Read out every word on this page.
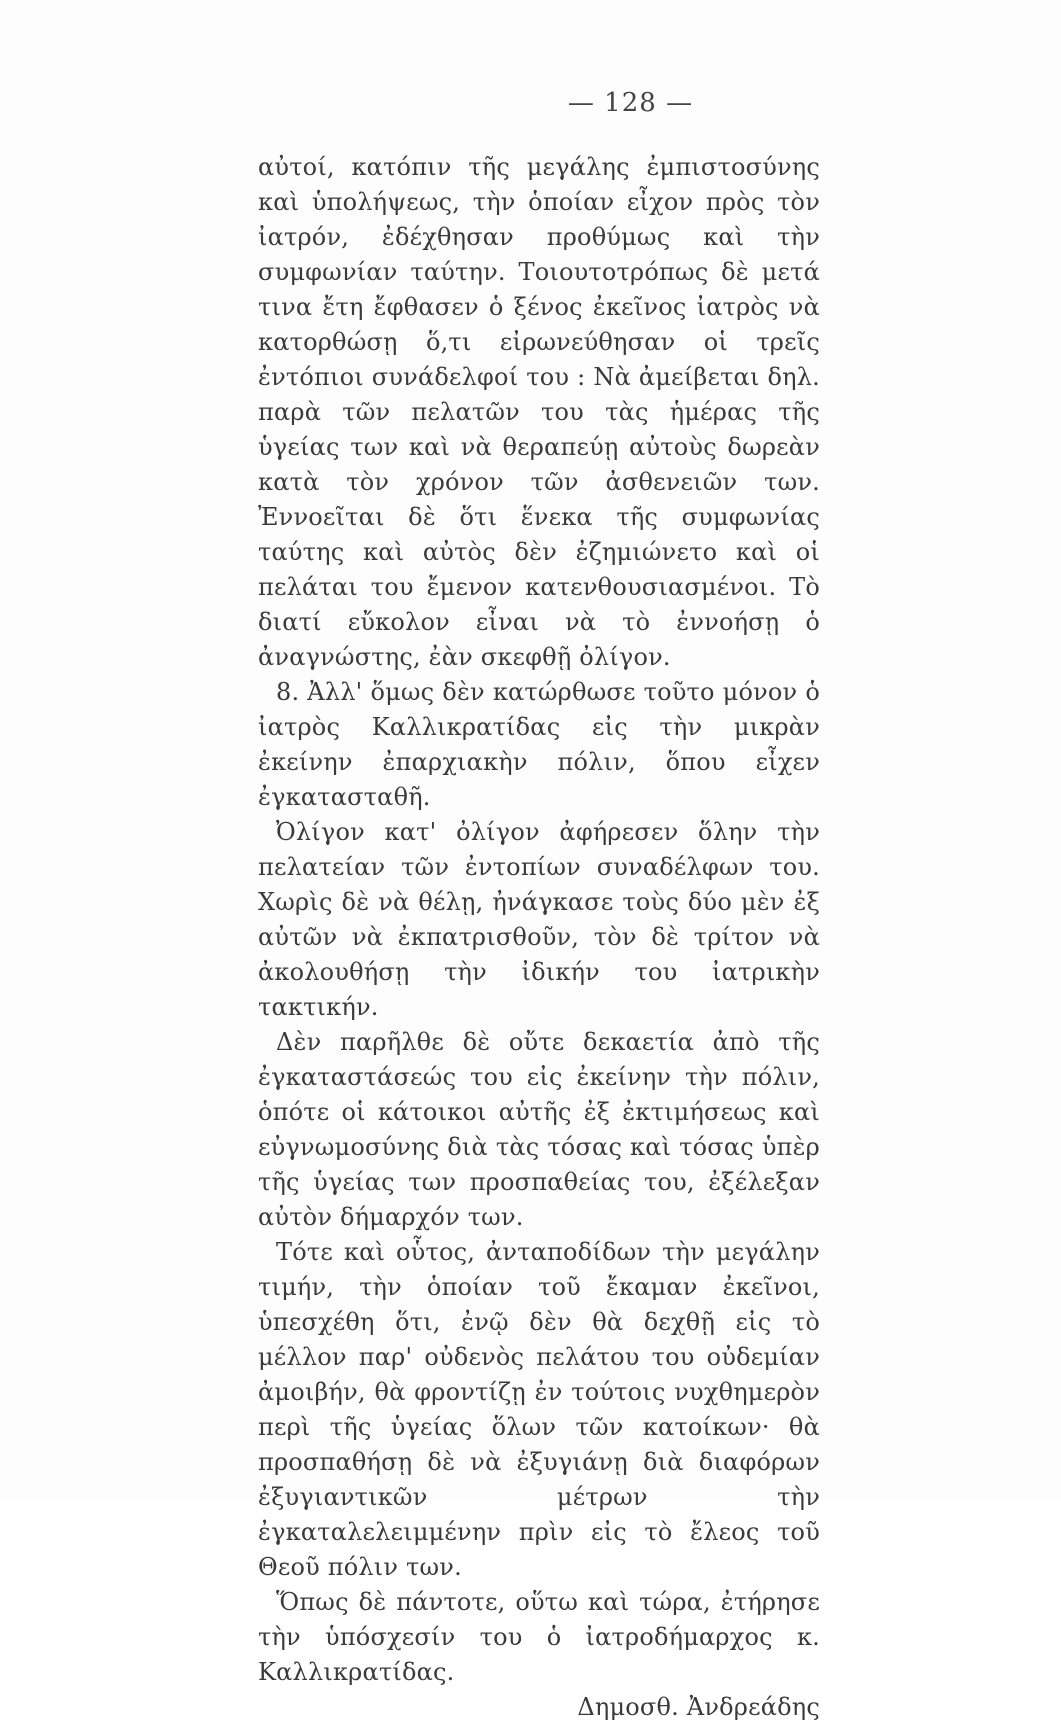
— 128 —

αὐτοί, κατόπιν τῆς μεγάλης ἐμπιστοσύνης καὶ ὑπολήψεως, τὴν ὁποίαν εἶχον πρὸς τὸν ἰατρόν, ἐδέχθησαν προθύμως καὶ τὴν συμφωνίαν ταύτην. Τοιουτοτρόπως δὲ μετά τινα ἔτη ἔφθασεν ὁ ξένος ἐκεῖνος ἰατρὸς νὰ κατορθώσῃ ὅ,τι εἰρωνεύθησαν οἱ τρεῖς ἐντόπιοι συνάδελφοί του : Νὰ ἀμείβεται δηλ. παρὰ τῶν πελατῶν του τὰς ἡμέρας τῆς ὑγείας των καὶ νὰ θεραπεύῃ αὐτοὺς δωρεὰν κατὰ τὸν χρόνον τῶν ἀσθενειῶν των. Ἐννοεῖται δὲ ὅτι ἕνεκα τῆς συμφωνίας ταύτης καὶ αὐτὸς δὲν ἐζημιώνετο καὶ οἱ πελάται του ἔμενον κατενθουσιασμένοι. Τὸ διατί εὔκολον εἶναι νὰ τὸ ἐννοήσῃ ὁ ἀναγνώστης, ἐὰν σκεφθῇ ὀλίγον.

8. Ἀλλ' ὅμως δὲν κατώρθωσε τοῦτο μόνον ὁ ἰατρὸς Καλλικρατίδας εἰς τὴν μικρὰν ἐκείνην ἐπαρχιακὴν πόλιν, ὅπου εἶχεν ἐγκατασταθῆ.

Ὀλίγον κατ' ὀλίγον ἀφήρεσεν ὅλην τὴν πελατείαν τῶν ἐντοπίων συναδέλφων του. Χωρὶς δὲ νὰ θέλῃ, ἠνάγκασε τοὺς δύο μὲν ἐξ αὐτῶν νὰ ἐκπατρισθοῦν, τὸν δὲ τρίτον νὰ ἀκολουθήσῃ τὴν ἰδικήν του ἰατρικὴν τακτικήν.

Δὲν παρῆλθε δὲ οὔτε δεκαετία ἀπὸ τῆς ἐγκαταστάσεώς του εἰς ἐκείνην τὴν πόλιν, ὁπότε οἱ κάτοικοι αὐτῆς ἐξ ἐκτιμήσεως καὶ εὐγνωμοσύνης διὰ τὰς τόσας καὶ τόσας ὑπὲρ τῆς ὑγείας των προσπαθείας του, ἐξέλεξαν αὐτὸν δήμαρχόν των.

Τότε καὶ οὗτος, ἀνταποδίδων τὴν μεγάλην τιμήν, τὴν ὁποίαν τοῦ ἔκαμαν ἐκεῖνοι, ὑπεσχέθη ὅτι, ἐνῷ δὲν θὰ δεχθῇ εἰς τὸ μέλλον παρ' οὐδενὸς πελάτου του οὐδεμίαν ἀμοιβήν, θὰ φροντίζῃ ἐν τούτοις νυχθημερὸν περὶ τῆς ὑγείας ὅλων τῶν κατοίκων· θὰ προσπαθήσῃ δὲ νὰ ἐξυγιάνῃ διὰ διαφόρων ἐξυγιαντικῶν μέτρων τὴν ἐγκαταλελειμμένην πρὶν εἰς τὸ ἔλεος τοῦ Θεοῦ πόλιν των.

Ὅπως δὲ πάντοτε, οὕτω καὶ τώρα, ἐτήρησε τὴν ὑπόσχεσίν του ὁ ἰατροδήμαρχος κ. Καλλικρατίδας.

Δημοσθ. Ἀνδρεάδης
